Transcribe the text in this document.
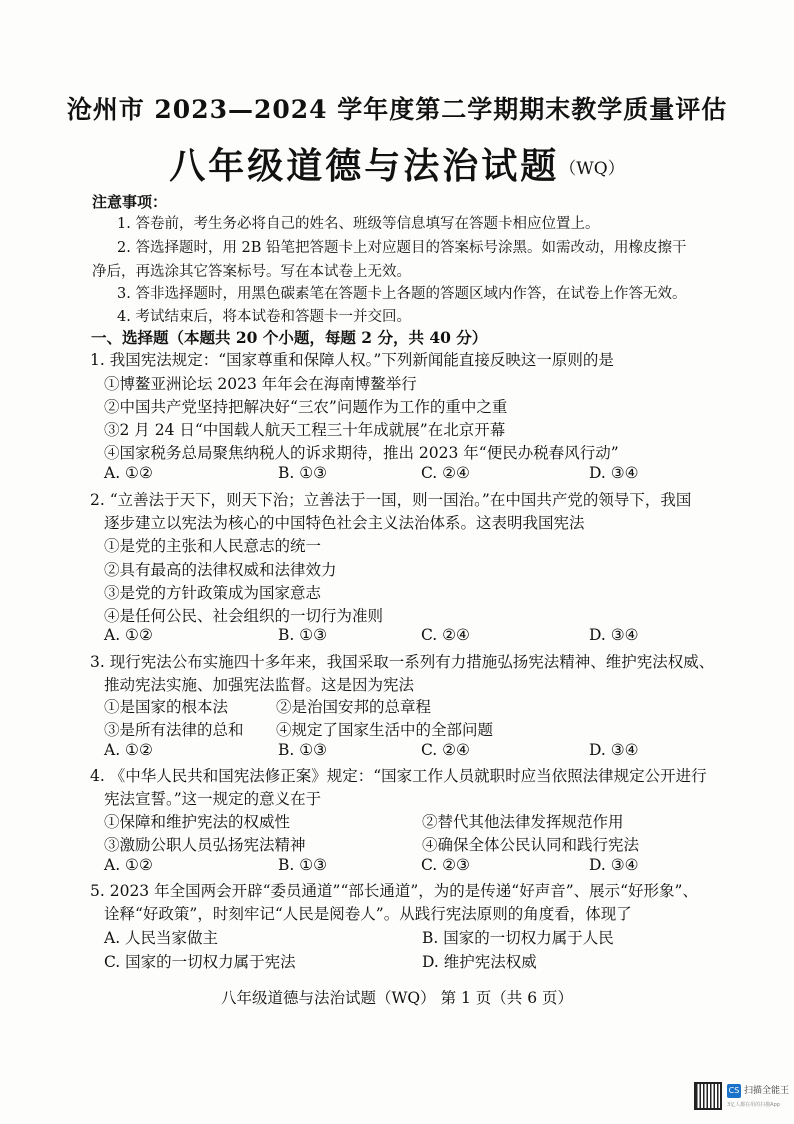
沧州市 2023—2024 学年度第二学期期末教学质量评估
八年级道德与法治试题（WQ）
注意事项：
1. 答卷前，考生务必将自己的姓名、班级等信息填写在答题卡相应位置上。
2. 答选择题时，用 2B 铅笔把答题卡上对应题目的答案标号涂黑。如需改动，用橡皮擦干
净后，再选涂其它答案标号。写在本试卷上无效。
3. 答非选择题时，用黑色碳素笔在答题卡上各题的答题区域内作答，在试卷上作答无效。
4. 考试结束后，将本试卷和答题卡一并交回。
一、选择题（本题共 20 个小题，每题 2 分，共 40 分）
1. 我国宪法规定：“国家尊重和保障人权。”下列新闻能直接反映这一原则的是
①博鳌亚洲论坛 2023 年年会在海南博鳌举行
②中国共产党坚持把解决好“三农”问题作为工作的重中之重
③2 月 24 日“中国载人航天工程三十年成就展”在北京开幕
④国家税务总局聚焦纳税人的诉求期待，推出 2023 年“便民办税春风行动”
A. ①②	B. ①③	C. ②④	D. ③④
2. “立善法于天下，则天下治；立善法于一国，则一国治。”在中国共产党的领导下，我国
逐步建立以宪法为核心的中国特色社会主义法治体系。这表明我国宪法
①是党的主张和人民意志的统一
②具有最高的法律权威和法律效力
③是党的方针政策成为国家意志
④是任何公民、社会组织的一切行为准则
A. ①②	B. ①③	C. ②④	D. ③④
3. 现行宪法公布实施四十多年来，我国采取一系列有力措施弘扬宪法精神、维护宪法权威、
推动宪法实施、加强宪法监督。这是因为宪法
①是国家的根本法	②是治国安邦的总章程
③是所有法律的总和 ④规定了国家生活中的全部问题
A. ①②	B. ①③	C. ②④	D. ③④
4. 《中华人民共和国宪法修正案》规定：“国家工作人员就职时应当依照法律规定公开进行
宪法宣誓。”这一规定的意义在于
①保障和维护宪法的权威性	②替代其他法律发挥规范作用
③激励公职人员弘扬宪法精神	④确保全体公民认同和践行宪法
A. ①②	B. ①③	C. ②③	D. ③④
5. 2023 年全国两会开辟“委员通道”“部长通道”，为的是传递“好声音”、展示“好形象”、
诠释“好政策”，时刻牢记“人民是阅卷人”。从践行宪法原则的角度看，体现了
A. 人民当家做主	B. 国家的一切权力属于人民
C. 国家的一切权力属于宪法	D. 维护宪法权威
八年级道德与法治试题（WQ） 第 1 页（共 6 页）
CS 扫描全能王
3亿人都在用的扫描App
